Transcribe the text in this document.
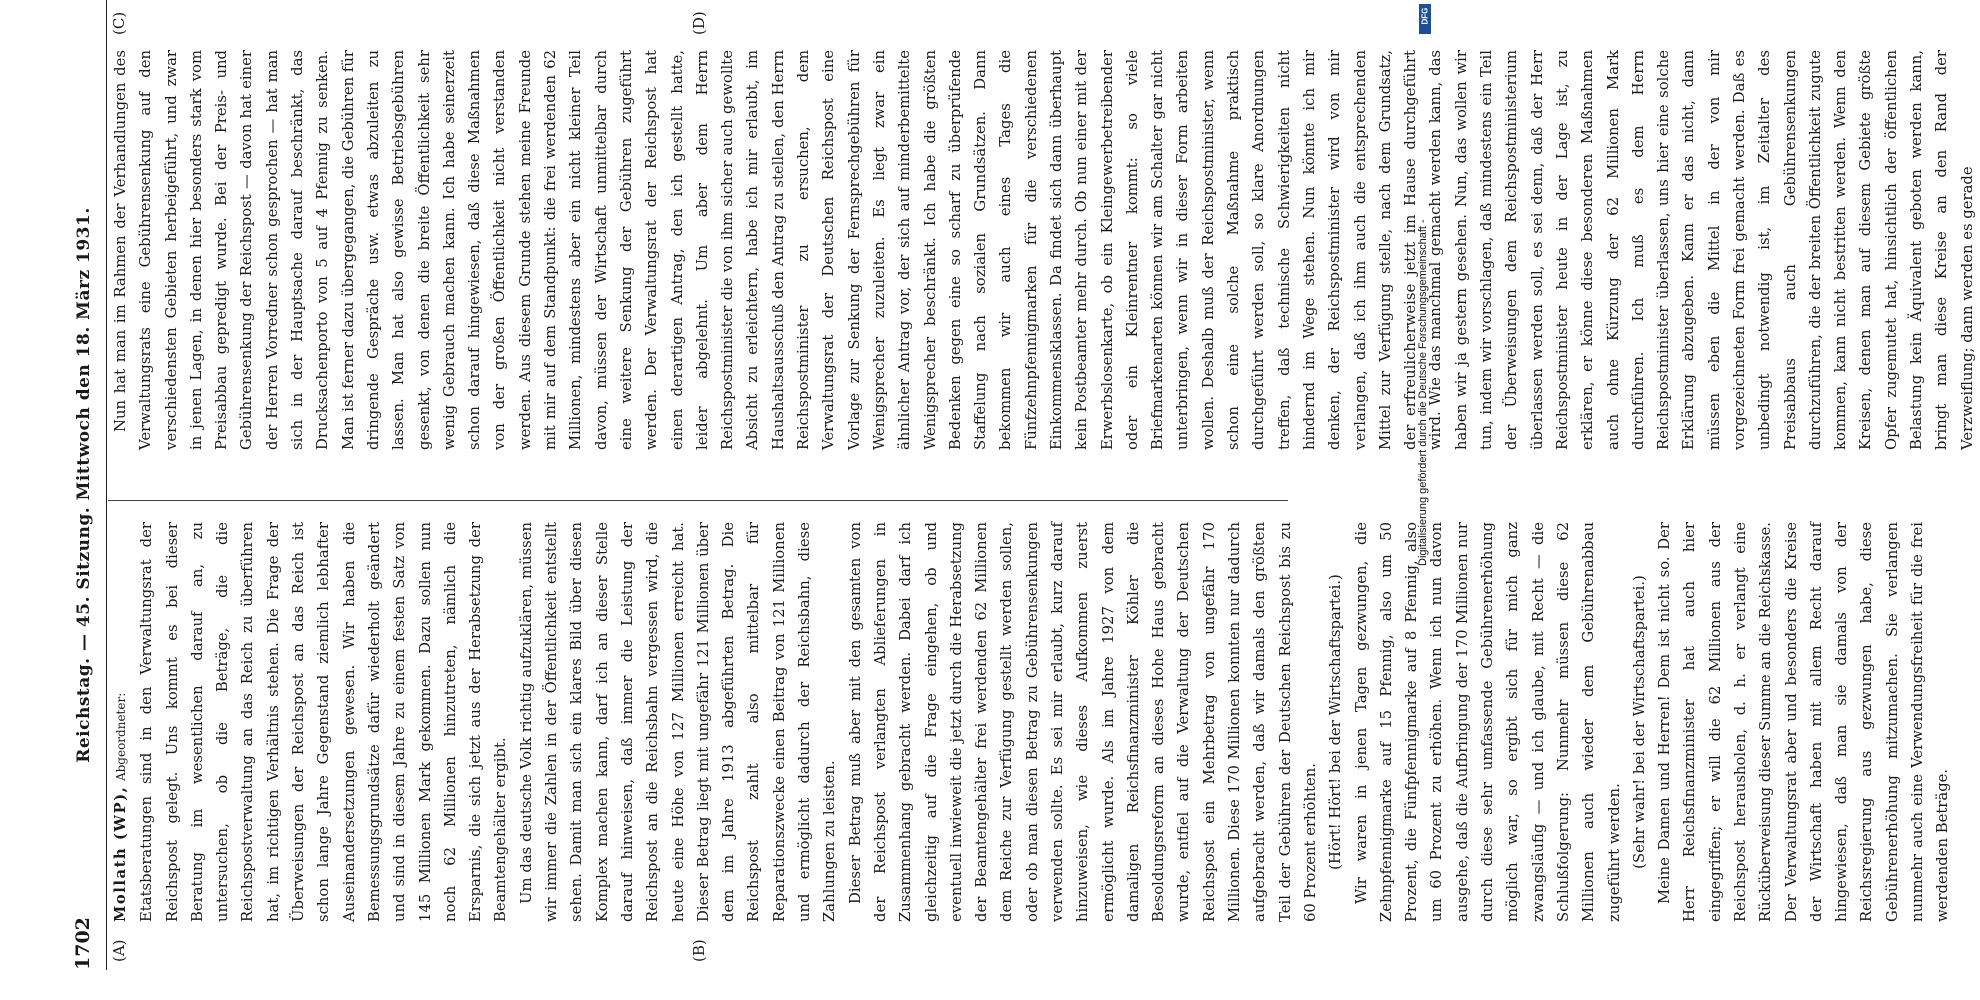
1702
Reichstag. — 45. Sitzung. Mittwoch den 18. März 1931.
(A)	(B)
(C)	(D)

Mollath (WP), Abgeordneter: Etatsberatungen sind in den Verwaltungsrat der Reichspost gelegt. Uns kommt es bei dieser Beratung im wesentlichen darauf an, zu untersuchen, ob die Beträge, die die Reichspostverwaltung an das Reich zu überführen hat, im richtigen Verhältnis stehen. Die Frage der Überweisungen der Reichspost an das Reich ist schon lange Jahre Gegenstand ziemlich lebhafter Auseinandersetzungen gewesen. Wir haben die Bemessungsgrundsätze dafür wiederholt geändert und sind in diesem Jahre zu einem festen Satz von 145 Millionen Mark gekommen. Dazu sollen nun noch 62 Millionen hinzutreten, nämlich die Ersparnis, die sich jetzt aus der Herabsetzung der Beamtengehälter ergibt. Um das deutsche Volk richtig aufzuklären, müssen wir immer die Zahlen in der Öffentlichkeit entstellt sehen. Damit man sich ein klares Bild über diesen Komplex machen kann, darf ich an dieser Stelle darauf hinweisen, daß immer die Leistung der Reichspost an die Reichsbahn vergessen wird, die heute eine Höhe von 127 Millionen erreicht hat. Dieser Betrag liegt mit ungefähr 121 Millionen über dem im Jahre 1913 abgeführten Betrag. Die Reichspost zahlt also mittelbar für Reparationszwecke einen Beitrag von 121 Millionen und ermöglicht dadurch der Reichsbahn, diese Zahlungen zu leisten. Dieser Betrag muß aber mit den gesamten von der Reichspost verlangten Ablieferungen in Zusammenhang gebracht werden. Dabei darf ich gleichzeitig auf die Frage eingehen, ob und eventuell inwieweit die jetzt durch die Herabsetzung der Beamtengehälter frei werdenden 62 Millionen dem Reiche zur Verfügung gestellt werden sollen, oder ob man diesen Betrag zu Gebührensenkungen verwenden sollte. Es sei mir erlaubt, kurz darauf hinzuweisen, wie dieses Aufkommen zuerst ermöglicht wurde. Als im Jahre 1927 von dem damaligen Reichsfinanzminister Köhler die Besoldungsreform an dieses Hohe Haus gebracht wurde, entfiel auf die Verwaltung der Deutschen Reichspost ein Mehrbetrag von ungefähr 170 Millionen. Diese 170 Millionen konnten nur dadurch aufgebracht werden, daß wir damals den größten Teil der Gebühren der Deutschen Reichspost bis zu 60 Prozent erhöhten. (Hört! Hört! bei der Wirtschaftspartei.) Wir waren in jenen Tagen gezwungen, die Zehnpfennigmarke auf 15 Pfennig, also um 50 Prozent, die Fünfpfennigmarke auf 8 Pfennig, also um 60 Prozent zu erhöhen. Wenn ich nun davon ausgehe, daß die Aufbringung der 170 Millionen nur durch diese sehr umfassende Gebührenerhöhung möglich war, so ergibt sich für mich ganz zwangsläufig — und ich glaube, mit Recht — die Schlußfolgerung: Nunmehr müssen diese 62 Millionen auch wieder dem Gebührenabbau zugeführt werden. (Sehr wahr! bei der Wirtschaftspartei.) Meine Damen und Herren! Dem ist nicht so. Der Herr Reichsfinanzminister hat auch hier eingegriffen; er will die 62 Millionen aus der Reichspost herausholen, d. h. er verlangt eine Rücküberweisung dieser Summe an die Reichskasse. Der Verwaltungsrat aber und besonders die Kreise der Wirtschaft haben mit allem Recht darauf hingewiesen, daß man sie damals von der Reichsregierung aus gezwungen habe, diese Gebührenerhöhung mitzumachen. Sie verlangen nunmehr auch eine Verwendungsfreiheit für die frei werdenden Beträge.

Nun hat man im Rahmen der Verhandlungen des Verwaltungsrats eine Gebührensenkung auf den verschiedensten Gebieten herbeigeführt, und zwar in jenen Lagen, in denen hier besonders stark vom Preisabbau gepredigt wurde. Bei der Preis- und Gebührensenkung der Reichspost — davon hat einer der Herren Vorredner schon gesprochen — hat man sich in der Hauptsache darauf beschränkt, das Drucksachenporto von 5 auf 4 Pfennig zu senken. Man ist ferner dazu übergegangen, die Gebühren für dringende Gespräche usw. etwas abzuleiten zu lassen. Man hat also gewisse Betriebsgebühren gesenkt, von denen die breite Öffentlichkeit sehr wenig Gebrauch machen kann. Ich habe seinerzeit schon darauf hingewiesen, daß diese Maßnahmen von der großen Öffentlichkeit nicht verstanden werden. Aus diesem Grunde stehen meine Freunde mit mir auf dem Standpunkt: die frei werdenden 62 Millionen, mindestens aber ein nicht kleiner Teil davon, müssen der Wirtschaft unmittelbar durch eine weitere Senkung der Gebühren zugeführt werden. Der Verwaltungsrat der Reichspost hat einen derartigen Antrag, den ich gestellt hatte, leider abgelehnt. Um aber dem Herrn Reichspostminister die von ihm sicher auch gewollte Absicht zu erleichtern, habe ich mir erlaubt, im Haushaltsausschuß den Antrag zu stellen, den Herrn Reichspostminister zu ersuchen, dem Verwaltungsrat der Deutschen Reichspost eine Vorlage zur Senkung der Fernsprechgebühren für Wenigsprecher zuzuleiten. Es liegt zwar ein ähnlicher Antrag vor, der sich auf minderbemittelte Wenigsprecher beschränkt. Ich habe die größten Bedenken gegen eine so scharf zu überprüfende Staffelung nach sozialen Grundsätzen. Dann bekommen wir auch eines Tages die Fünfzehnpfennigmarken für die verschiedenen Einkommensklassen. Da findet sich dann überhaupt kein Postbeamter mehr durch. Ob nun einer mit der Erwerbslosenkarte, ob ein Kleingewerbetreibender oder ein Kleinrentner kommt: so viele Briefmarkenarten können wir am Schalter gar nicht unterbringen, wenn wir in dieser Form arbeiten wollen. Deshalb muß der Reichspostminister, wenn schon eine solche Maßnahme praktisch durchgeführt werden soll, so klare Anordnungen treffen, daß technische Schwierigkeiten nicht hindernd im Wege stehen. Nun könnte ich mir denken, der Reichspostminister wird von mir verlangen, daß ich ihm auch die entsprechenden Mittel zur Verfügung stelle, nach dem Grundsatz, der erfreulicherweise jetzt im Hause durchgeführt wird. Wie das manchmal gemacht werden kann, das haben wir ja gestern gesehen. Nun, das wollen wir tun, indem wir vorschlagen, daß mindestens ein Teil der Überweisungen dem Reichspostministerium überlassen werden soll, es sei denn, daß der Herr Reichspostminister heute in der Lage ist, zu erklären, er könne diese besonderen Maßnahmen auch ohne Kürzung der 62 Millionen Mark durchführen. Ich muß es dem Herrn Reichspostminister überlassen, uns hier eine solche Erklärung abzugeben. Kann er das nicht, dann müssen eben die Mittel in der von mir vorgezeichneten Form frei gemacht werden. Daß es unbedingt notwendig ist, im Zeitalter des Preisabbaus auch Gebührensenkungen durchzuführen, die der breiten Öffentlichkeit zugute kommen, kann nicht bestritten werden. Wenn den Kreisen, denen man auf diesem Gebiete größte Opfer zugemutet hat, hinsichtlich der öffentlichen Belastung kein Äquivalent geboten werden kann, bringt man diese Kreise an den Rand der Verzweiflung; dann werden es gerade

DFG
Digitalisierung gefördert durch die Deutsche Forschungsgemeinschaft -
